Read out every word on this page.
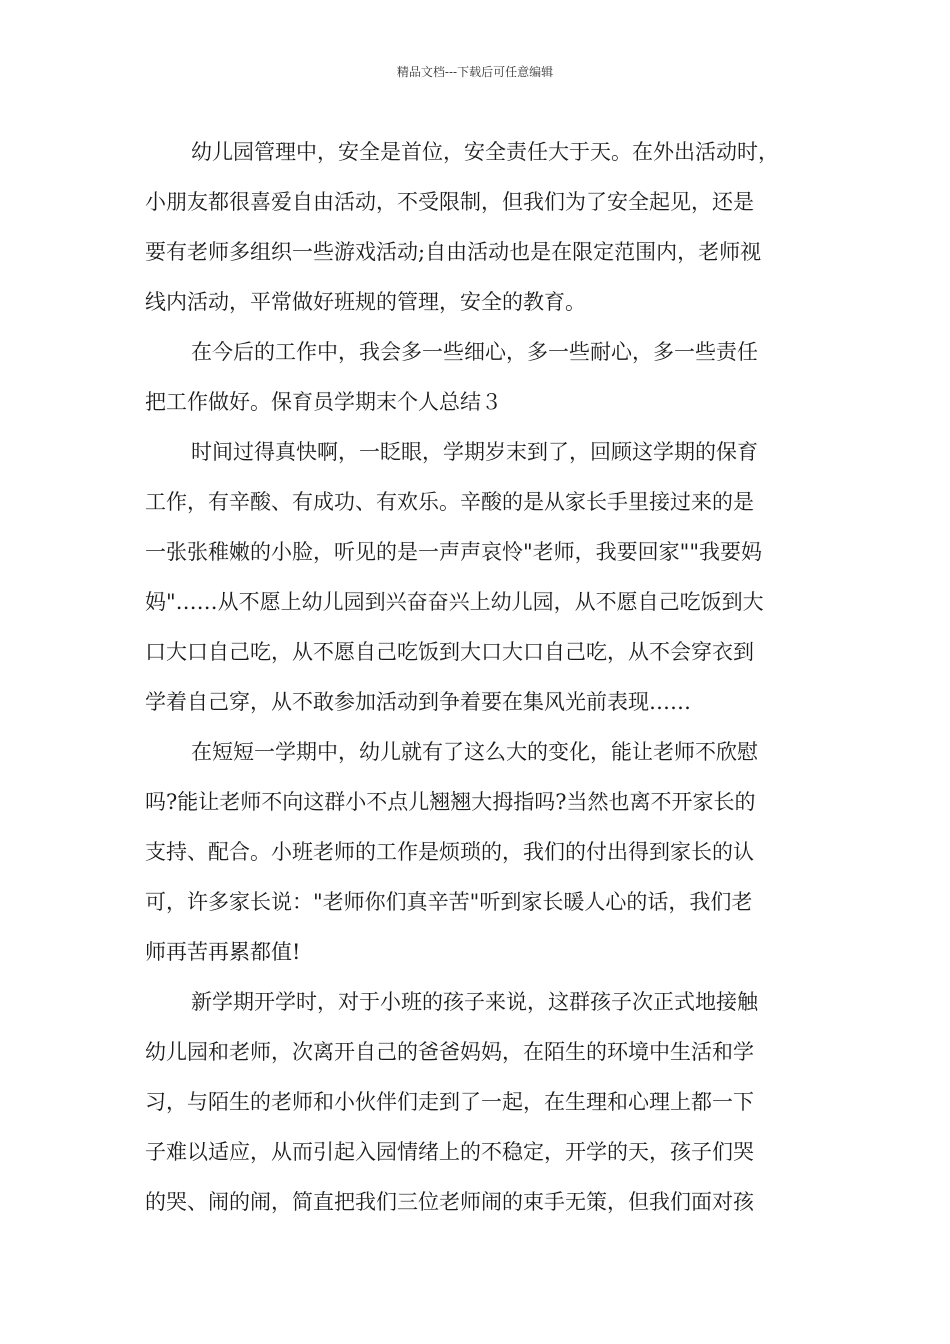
精品文档---下载后可任意编辑
幼儿园管理中，安全是首位，安全责任大于天。在外出活动时，
小朋友都很喜爱自由活动，不受限制，但我们为了安全起见，还是
要有老师多组织一些游戏活动;自由活动也是在限定范围内，老师视
线内活动，平常做好班规的管理，安全的教育。
在今后的工作中，我会多一些细心，多一些耐心，多一些责任
把工作做好。保育员学期末个人总结３
时间过得真快啊，一眨眼，学期岁末到了，回顾这学期的保育
工作，有辛酸、有成功、有欢乐。辛酸的是从家长手里接过来的是
一张张稚嫩的小脸，听见的是一声声哀怜"老师，我要回家""我要妈
妈"……从不愿上幼儿园到兴奋奋兴上幼儿园，从不愿自己吃饭到大
口大口自己吃，从不愿自己吃饭到大口大口自己吃，从不会穿衣到
学着自己穿，从不敢参加活动到争着要在集风光前表现……
在短短一学期中，幼儿就有了这么大的变化，能让老师不欣慰
吗?能让老师不向这群小不点儿翘翘大拇指吗?当然也离不开家长的
支持、配合。小班老师的工作是烦琐的，我们的付出得到家长的认
可，许多家长说："老师你们真辛苦"听到家长暖人心的话，我们老
师再苦再累都值!
新学期开学时，对于小班的孩子来说，这群孩子次正式地接触
幼儿园和老师，次离开自己的爸爸妈妈，在陌生的环境中生活和学
习，与陌生的老师和小伙伴们走到了一起，在生理和心理上都一下
子难以适应，从而引起入园情绪上的不稳定，开学的天，孩子们哭
的哭、闹的闹，简直把我们三位老师闹的束手无策，但我们面对孩
